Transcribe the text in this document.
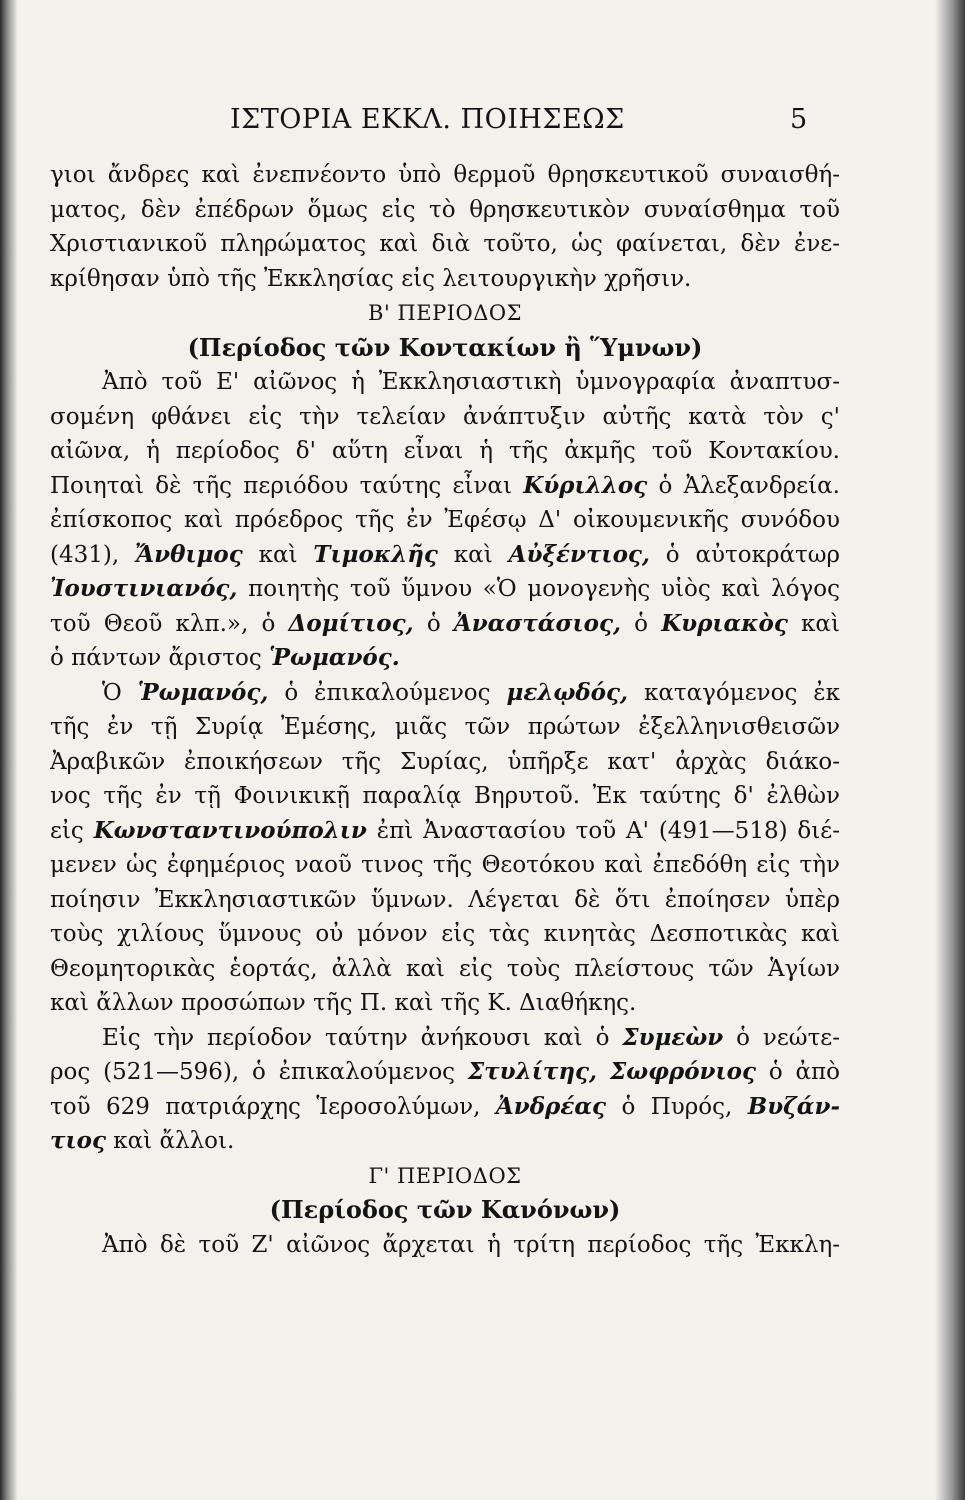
ΙΣΤΟΡΙΑ ΕΚΚΛ. ΠΟΙΗΣΕΩΣ	5
γιοι ἄνδρες καὶ ἐνεπνέοντο ὑπὸ θερμοῦ θρησκευτικοῦ συναισθή-
ματος, δὲν ἐπέδρων ὅμως εἰς τὸ θρησκευτικὸν συναίσθημα τοῦ
Χριστιανικοῦ πληρώματος καὶ διὰ τοῦτο, ὡς φαίνεται, δὲν ἐνε-
κρίθησαν ὑπὸ τῆς Ἐκκλησίας εἰς λειτουργικὴν χρῆσιν.
Β' ΠΕΡΙΟΔΟΣ
(Περίοδος τῶν Κοντακίων ἢ Ὕμνων)
Ἀπὸ τοῦ Ε' αἰῶνος ἡ Ἐκκλησιαστικὴ ὑμνογραφία ἀναπτυσ-
σομένη φθάνει εἰς τὴν τελείαν ἀνάπτυξιν αὐτῆς κατὰ τὸν ς'
αἰῶνα, ἡ περίοδος δ' αὕτη εἶναι ἡ τῆς ἀκμῆς τοῦ Κοντακίου.
Ποιηταὶ δὲ τῆς περιόδου ταύτης εἶναι Κύριλλος ὁ Ἀλεξανδρεία.
ἐπίσκοπος καὶ πρόεδρος τῆς ἐν Ἐφέσῳ Δ' οἰκουμενικῆς συνόδου
(431), Ἄνθιμος καὶ Τιμοκλῆς καὶ Αὐξέντιος, ὁ αὐτοκράτωρ
Ἰουστινιανός, ποιητὴς τοῦ ὕμνου «Ὁ μονογενὴς υἱὸς καὶ λόγος
τοῦ Θεοῦ κλπ.», ὁ Δομίτιος, ὁ Ἀναστάσιος, ὁ Κυριακὸς καὶ
ὁ πάντων ἄριστος Ῥωμανός.
Ὁ Ῥωμανός, ὁ ἐπικαλούμενος μελῳδός, καταγόμενος ἐκ
τῆς ἐν τῇ Συρίᾳ Ἐμέσης, μιᾶς τῶν πρώτων ἐξελληνισθεισῶν
Ἀραβικῶν ἐποικήσεων τῆς Συρίας, ὑπῆρξε κατ' ἀρχὰς διάκο-
νος τῆς ἐν τῇ Φοινικικῇ παραλίᾳ Βηρυτοῦ. Ἐκ ταύτης δ' ἐλθὼν
εἰς Κωνσταντινούπολιν ἐπὶ Ἀναστασίου τοῦ Α' (491—518) διέ-
μενεν ὡς ἐφημέριος ναοῦ τινος τῆς Θεοτόκου καὶ ἐπεδόθη εἰς τὴν
ποίησιν Ἐκκλησιαστικῶν ὕμνων. Λέγεται δὲ ὅτι ἐποίησεν ὑπὲρ
τοὺς χιλίους ὕμνους οὐ μόνον εἰς τὰς κινητὰς Δεσποτικὰς καὶ
Θεομητορικὰς ἑορτάς, ἀλλὰ καὶ εἰς τοὺς πλείστους τῶν Ἁγίων
καὶ ἄλλων προσώπων τῆς Π. καὶ τῆς Κ. Διαθήκης.
Εἰς τὴν περίοδον ταύτην ἀνήκουσι καὶ ὁ Συμεὼν ὁ νεώτε-
ρος (521—596), ὁ ἐπικαλούμενος Στυλίτης, Σωφρόνιος ὁ ἀπὸ
τοῦ 629 πατριάρχης Ἱεροσολύμων, Ἀνδρέας ὁ Πυρός, Βυζάν-
τιος καὶ ἄλλοι.
Γ' ΠΕΡΙΟΔΟΣ
(Περίοδος τῶν Κανόνων)
Ἀπὸ δὲ τοῦ Ζ' αἰῶνος ἄρχεται ἡ τρίτη περίοδος τῆς Ἐκκλη-
